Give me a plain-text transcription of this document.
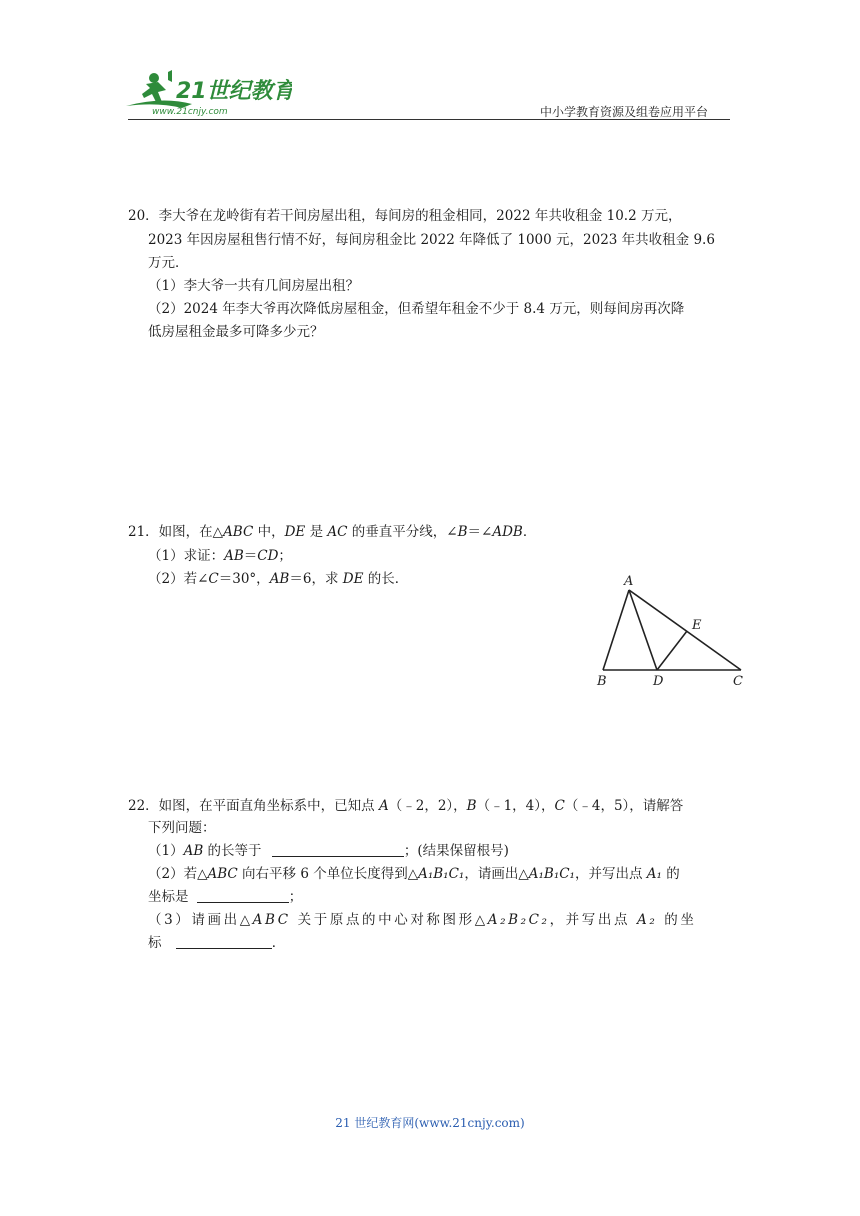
21世纪教育
www.21cnjy.com	中小学教育资源及组卷应用平台
20．李大爷在龙岭街有若干间房屋出租，每间房的租金相同，2022 年共收租金 10.2 万元，
2023 年因房屋租售行情不好，每间房租金比 2022 年降低了 1000 元，2023 年共收租金 9.6
万元．
（1）李大爷一共有几间房屋出租？
（2）2024 年李大爷再次降低房屋租金，但希望年租金不少于 8.4 万元，则每间房再次降
低房屋租金最多可降多少元？
21．如图，在△ABC 中，DE 是 AC 的垂直平分线，∠B＝∠ADB．
（1）求证：AB＝CD；
（2）若∠C＝30°，AB＝6，求 DE 的长．	A
B	C
D
E
22．如图，在平面直角坐标系中，已知点 A（﹣2，2），B（﹣1，4），C（﹣4，5），请解答
下列问题：
（1）AB 的长等于	；(结果保留根号)
（2）若△ABC 向右平移 6 个单位长度得到△A₁B₁C₁，请画出△A₁B₁C₁，并写出点 A₁ 的
坐标是	；
（3）请画出△ABC 关于原点的中心对称图形△A₂B₂C₂，并写出点 A₂ 的坐
标	．
21 世纪教育网(www.21cnjy.com)
